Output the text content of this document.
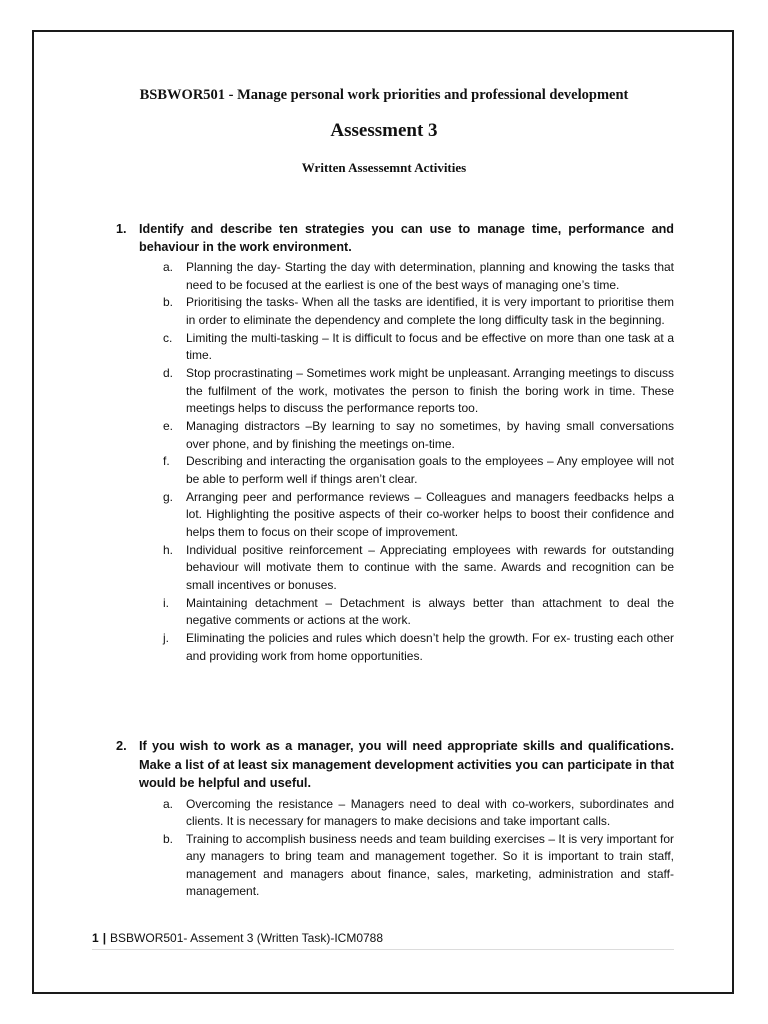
BSBWOR501 - Manage personal work priorities and professional development
Assessment 3
Written Assessemnt Activities
1. Identify and describe ten strategies you can use to manage time, performance and behaviour in the work environment.
a. Planning the day- Starting the day with determination, planning and knowing the tasks that need to be focused at the earliest is one of the best ways of managing one’s time.
b. Prioritising the tasks- When all the tasks are identified, it is very important to prioritise them in order to eliminate the dependency and complete the long difficulty task in the beginning.
c. Limiting the multi-tasking – It is difficult to focus and be effective on more than one task at a time.
d. Stop procrastinating – Sometimes work might be unpleasant. Arranging meetings to discuss the fulfilment of the work, motivates the person to finish the boring work in time. These meetings helps to discuss the performance reports too.
e. Managing distractors –By learning to say no sometimes, by having small conversations over phone, and by finishing the meetings on-time.
f. Describing and interacting the organisation goals to the employees – Any employee will not be able to perform well if things aren’t clear.
g. Arranging peer and performance reviews – Colleagues and managers feedbacks helps a lot. Highlighting the positive aspects of their co-worker helps to boost their confidence and helps them to focus on their scope of improvement.
h. Individual positive reinforcement – Appreciating employees with rewards for outstanding behaviour will motivate them to continue with the same. Awards and recognition can be small incentives or bonuses.
i. Maintaining detachment – Detachment is always better than attachment to deal the negative comments or actions at the work.
j. Eliminating the policies and rules which doesn’t help the growth. For ex- trusting each other and providing work from home opportunities.
2. If you wish to work as a manager, you will need appropriate skills and qualifications. Make a list of at least six management development activities you can participate in that would be helpful and useful.
a. Overcoming the resistance – Managers need to deal with co-workers, subordinates and clients. It is necessary for managers to make decisions and take important calls.
b. Training to accomplish business needs and team building exercises – It is very important for any managers to bring team and management together. So it is important to train staff, management and managers about finance, sales, marketing, administration and staff-management.
1 | BSBWOR501- Assement 3 (Written Task)-ICM0788
